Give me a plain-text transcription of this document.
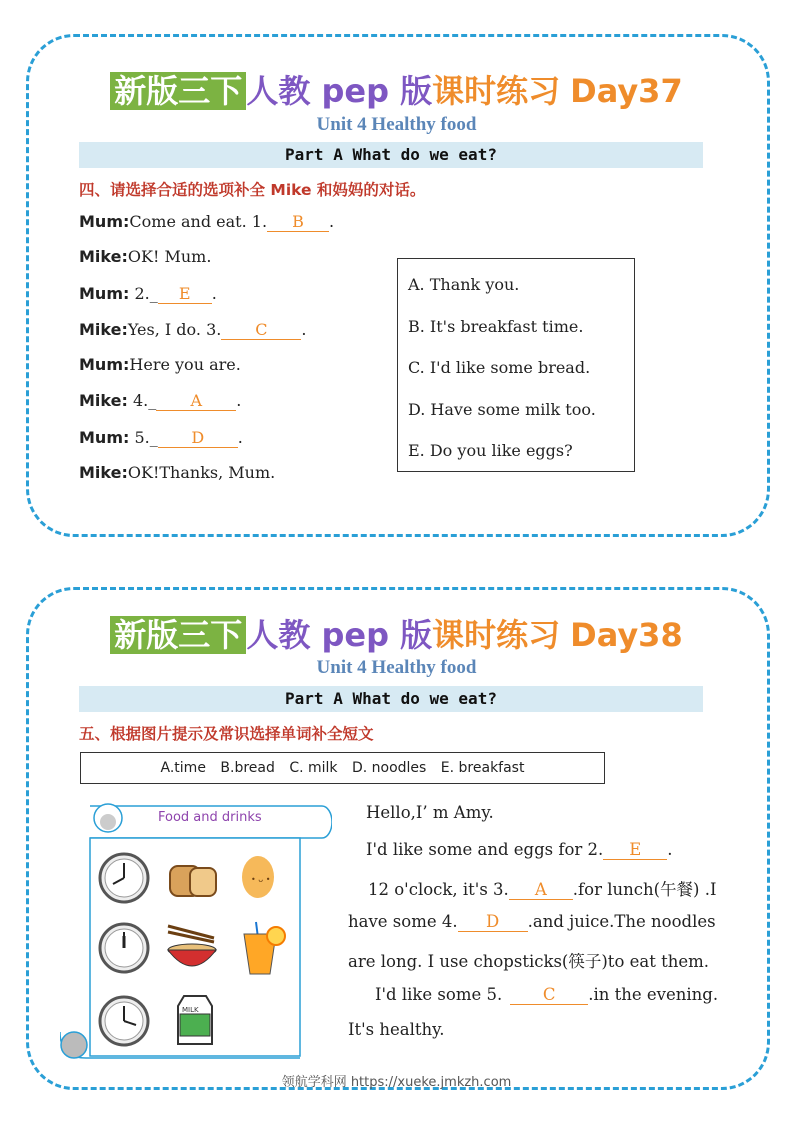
新版三下 人教 pep 版课时练习 Day37
Unit 4 Healthy food
Part A What do we eat?
四、请选择合适的选项补全 Mike 和妈妈的对话。
Mum:Come and eat. 1. B .
Mike:OK! Mum.
Mum: 2._ E .
Mike:Yes, I do. 3. C .
Mum:Here you are.
Mike: 4._ A .
Mum: 5._ D .
Mike:OK!Thanks, Mum.
A. Thank you.
B. It's breakfast time.
C. I'd like some bread.
D. Have some milk too.
E. Do you like eggs?
新版三下 人教 pep 版课时练习 Day38
Unit 4 Healthy food
Part A What do we eat?
五、根据图片提示及常识选择单词补全短文
A.time B.bread C. milk D. noodles E. breakfast
Food and drinks
• ᴗ •
MILK
Hello,I’ m Amy.
I'd like some and eggs for 2. E .
12 o'clock, it's 3. A .for lunch(午餐) .I
have some 4. D .and juice.The noodles
are long. I use chopsticks(筷子)to eat them.
I'd like some 5. C .in the evening.
It's healthy.
领航学科网 https://xueke.jmkzh.com
